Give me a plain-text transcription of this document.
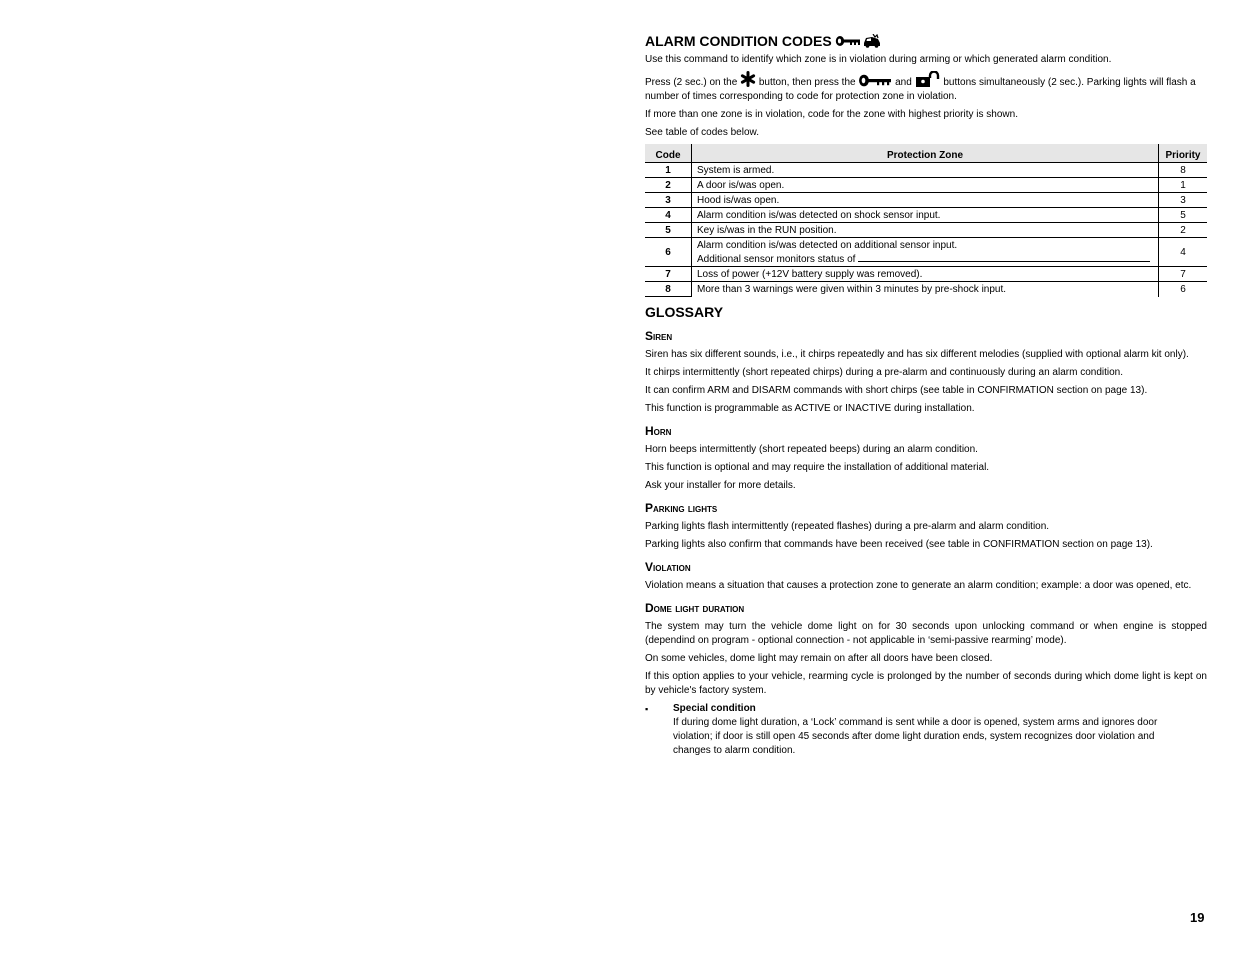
ALARM CONDITION CODES

Use this command to identify which zone is in violation during arming or which generated alarm condition.

Press (2 sec.) on the button, then press the	and	buttons simultaneously (2 sec.). Parking lights will flash a number of times corresponding to code for protection zone in violation.

If more than one zone is in violation, code for the zone with highest priority is shown.

See table of codes below.

Code	Protection Zone	Priority
1	System is armed.	8
2	A door is/was open.	1
3	Hood is/was open.	3
4	Alarm condition is/was detected on shock sensor input.	5
5	Key is/was in the RUN position.	2
6	Alarm condition is/was detected on additional sensor input.
Additional sensor monitors status of	4
7	Loss of power (+12V battery supply was removed).	7
8	More than 3 warnings were given within 3 minutes by pre-shock input.	6
GLOSSARY
Siren

Siren has six different sounds, i.e., it chirps repeatedly and has six different melodies (supplied with optional alarm kit only).

It chirps intermittently (short repeated chirps) during a pre-alarm and continuously during an alarm condition.

It can confirm ARM and DISARM commands with short chirps (see table in CONFIRMATION section on page 13).

This function is programmable as ACTIVE or INACTIVE during installation.

Horn

Horn beeps intermittently (short repeated beeps) during an alarm condition.

This function is optional and may require the installation of additional material.

Ask your installer for more details.

Parking lights

Parking lights flash intermittently (repeated flashes) during a pre-alarm and alarm condition.

Parking lights also confirm that commands have been received (see table in CONFIRMATION section on page 13).

Violation

Violation means a situation that causes a protection zone to generate an alarm condition; example: a door was opened, etc.

Dome light duration

The system may turn the vehicle dome light on for 30 seconds upon unlocking command or when engine is stopped (dependind on program - optional connection - not applicable in ‘semi-passive rearming’ mode).

On some vehicles, dome light may remain on after all doors have been closed.

If this option applies to your vehicle, rearming cycle is prolonged by the number of seconds during which dome light is kept on by vehicle's factory system.

▪	Special condition
If during dome light duration, a ‘Lock’ command is sent while a door is opened, system arms and ignores door violation; if door is still open 45 seconds after dome light duration ends, system recognizes door violation and changes to alarm condition.
19
